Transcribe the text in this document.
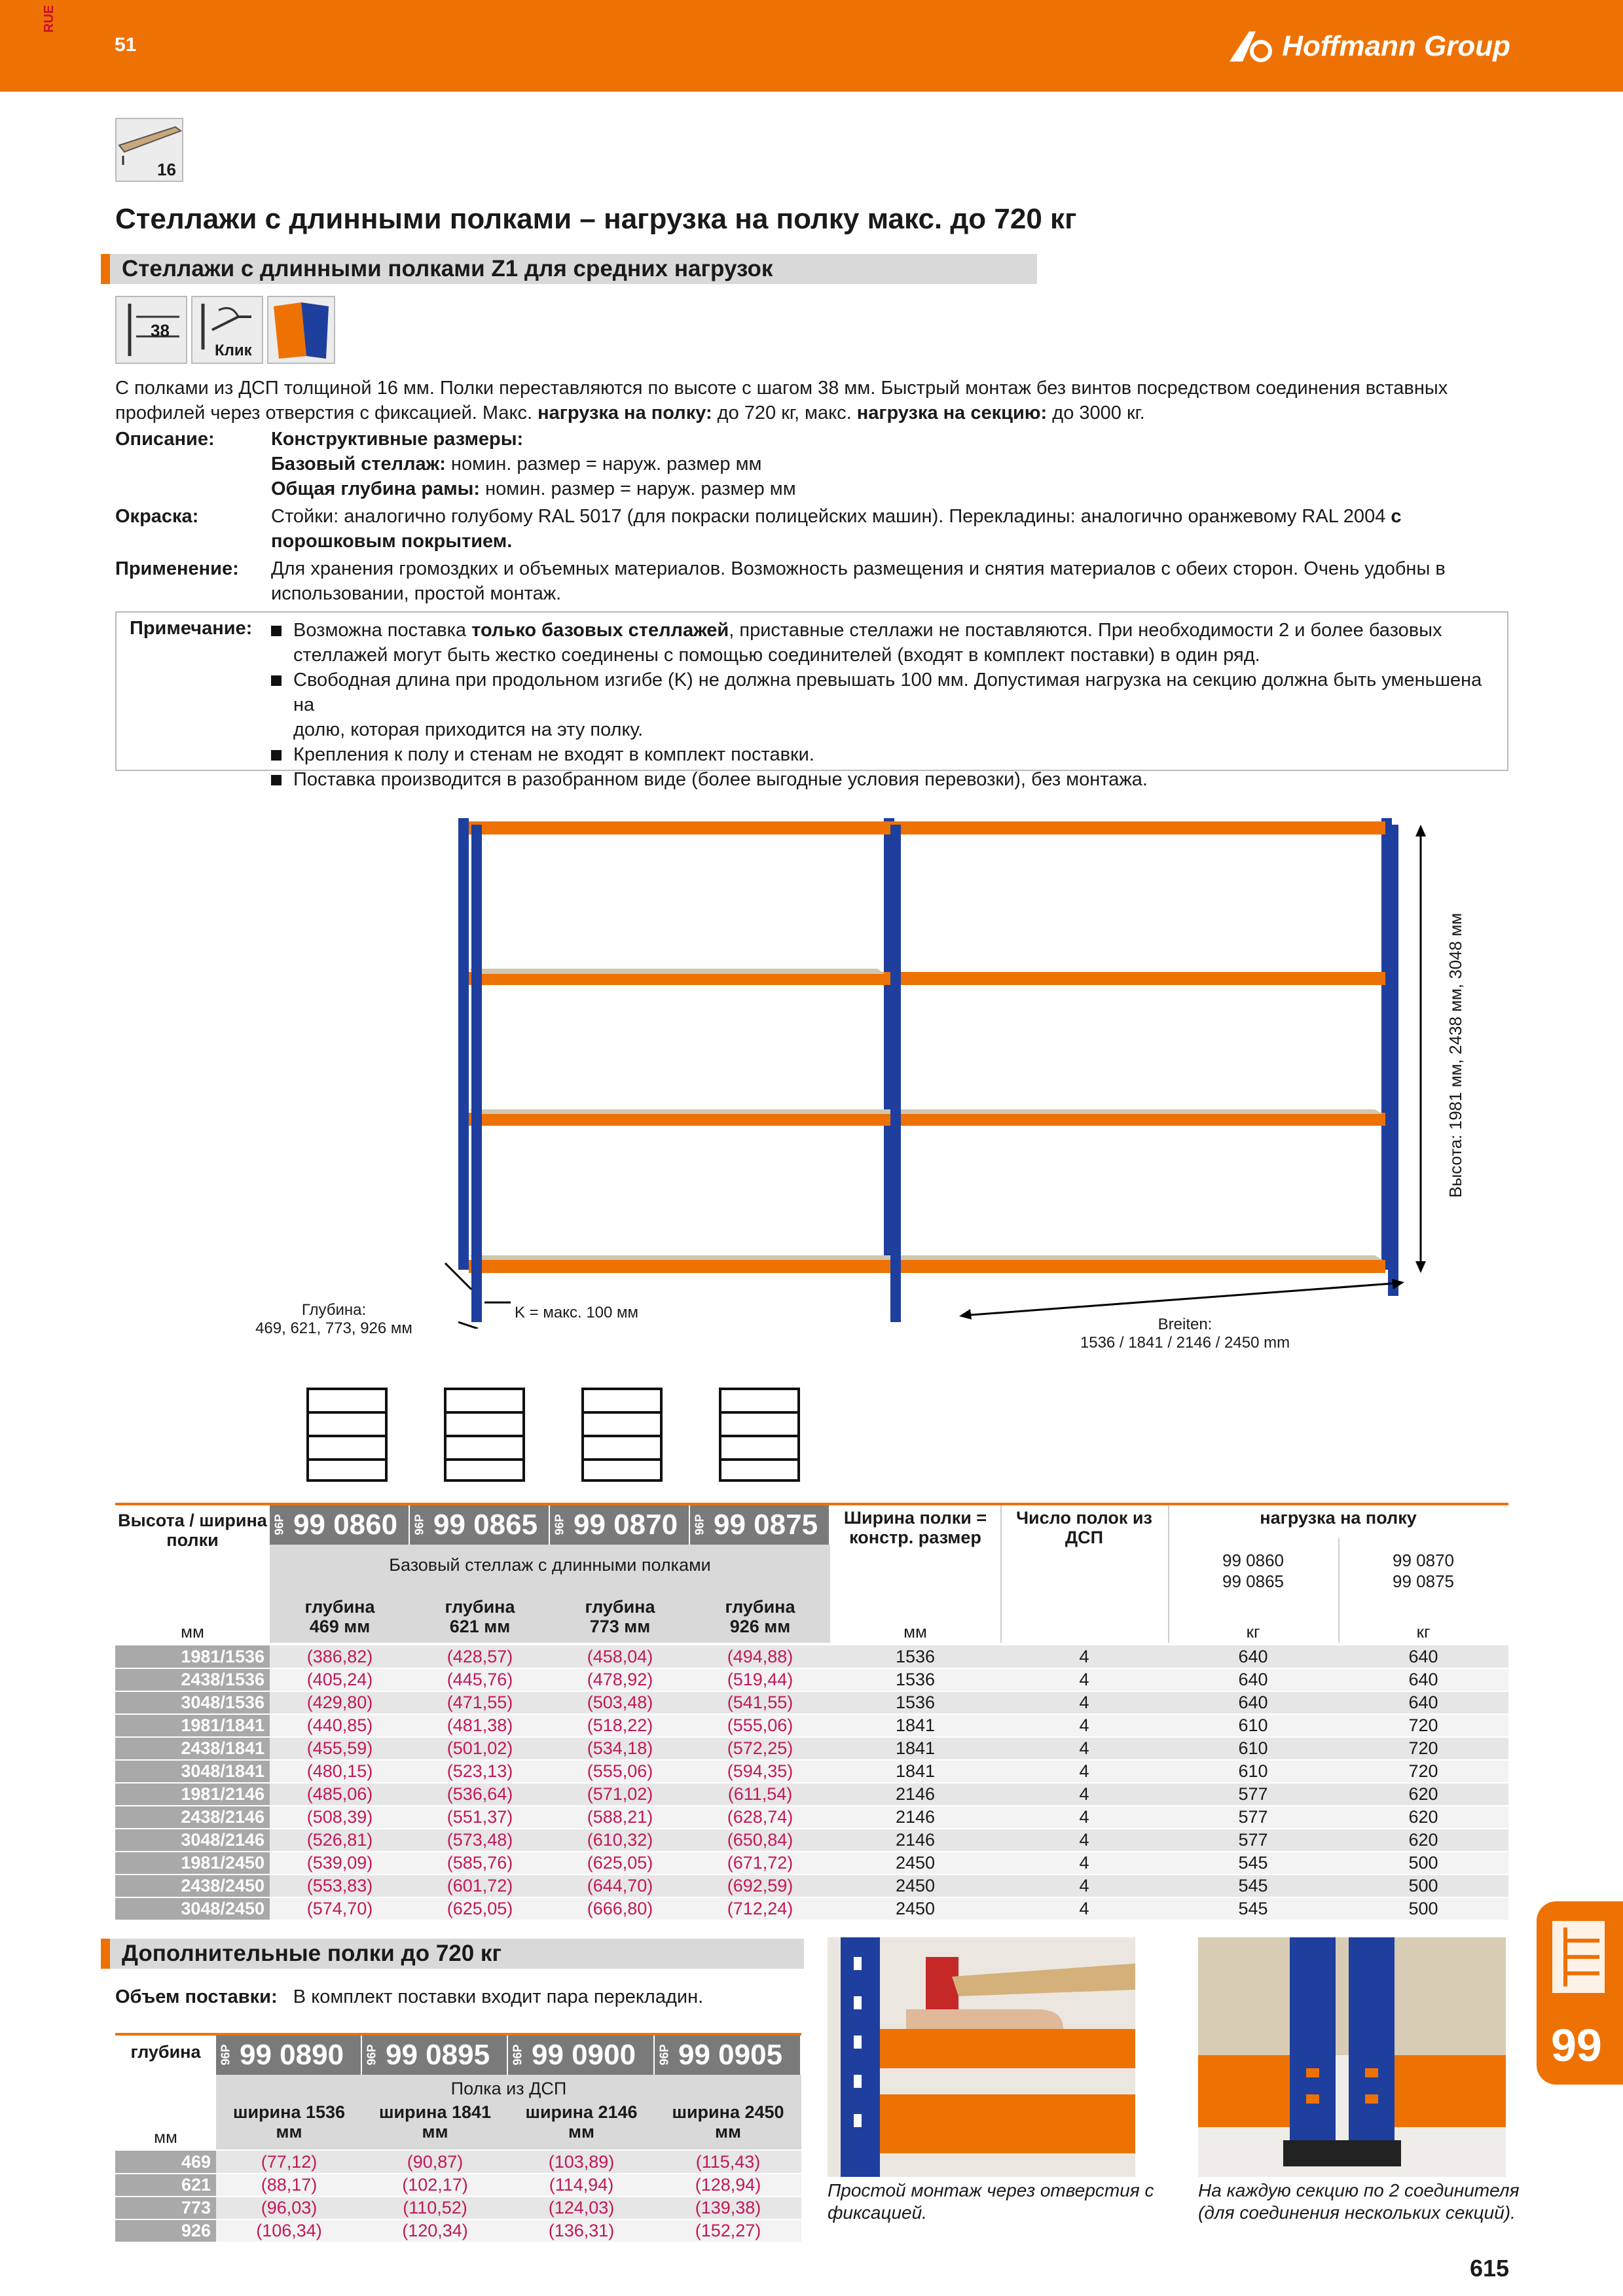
RUE
51	Hoffmann Group
16
Стеллажи с длинными полками – нагрузка на полку макс. до 720 кг
Стеллажи с длинными полками Z1 для средних нагрузок
38
Клик
С полками из ДСП толщиной 16 мм. Полки переставляются по высоте с шагом 38 мм. Быстрый монтаж без винтов посредством соединения вставных
профилей через отверстия с фиксацией. Макс. нагрузка на полку: до 720 кг, макс. нагрузка на секцию: до 3000 кг.
Описание:	Конструктивные размеры:
Базовый стеллаж: номин. размер = наруж. размер мм
Общая глубина рамы: номин. размер = наруж. размер мм
Окраска:	Стойки: аналогично голубому RAL 5017 (для покраски полицейских машин). Перекладины: аналогично оранжевому RAL 2004 с
порошковым покрытием.
Применение: Для хранения громоздких и объемных материалов. Возможность размещения и снятия материалов с обеих сторон. Очень удобны в
использовании, простой монтаж.
Примечание:	Возможна поставка только базовых стеллажей, приставные стеллажи не поставляются. При необходимости 2 и более базовых
стеллажей могут быть жестко соединены с помощью соединителей (входят в комплект поставки) в один ряд.
Свободная длина при продольном изгибе (K) не должна превышать 100 мм. Допустимая нагрузка на секцию должна быть уменьшена на
долю, которая приходится на эту полку.
Крепления к полу и стенам не входят в комплект поставки.
Поставка производится в разобранном виде (более выгодные условия перевозки), без монтажа.
Высота: 1981 мм, 2438 мм, 3048 мм
Глубина:
469, 621, 773, 926 мм
K = макс. 100 мм
Breiten:
1536 / 1841 / 2146 / 2450 mm
Высота / ширина полки
96P 99 0860 96P 99 0865 96P 99 0870 96P 99 0875
Базовый стеллаж с длинными полками
глубина
469 мм
глубина
621 мм
глубина
773 мм
глубина
926 мм
мм
Ширина полки = констр. размер
мм
Число полок из ДСП
нагрузка на полку
99 0860
99 0865
99 0870
99 0875
кг	кг
1981/1536	(386,82)	(428,57)	(458,04)	(494,88)	1536	4	640	640
2438/1536	(405,24)	(445,76)	(478,92)	(519,44)	1536	4	640	640
3048/1536	(429,80)	(471,55)	(503,48)	(541,55)	1536	4	640	640
1981/1841	(440,85)	(481,38)	(518,22)	(555,06)	1841	4	610	720
2438/1841	(455,59)	(501,02)	(534,18)	(572,25)	1841	4	610	720
3048/1841	(480,15)	(523,13)	(555,06)	(594,35)	1841	4	610	720
1981/2146	(485,06)	(536,64)	(571,02)	(611,54)	2146	4	577	620
2438/2146	(508,39)	(551,37)	(588,21)	(628,74)	2146	4	577	620
3048/2146	(526,81)	(573,48)	(610,32)	(650,84)	2146	4	577	620
1981/2450	(539,09)	(585,76)	(625,05)	(671,72)	2450	4	545	500
2438/2450	(553,83)	(601,72)	(644,70)	(692,59)	2450	4	545	500
3048/2450	(574,70)	(625,05)	(666,80)	(712,24)	2450	4	545	500
99
Дополнительные полки до 720 кг
Объем поставки: В комплект поставки входит пара перекладин.
глубина	96P 99 0890 96P 99 0895 96P 99 0900 96P 99 0905
Полка из ДСП
ширина 1536
мм
ширина 1841
мм
ширина 2146
мм
ширина 2450
мм
мм
469	(77,12)	(90,87)	(103,89)	(115,43)
621	(88,17)	(102,17)	(114,94)	(128,94)
773	(96,03)	(110,52)	(124,03)	(139,38)
926	(106,34)	(120,34)	(136,31)	(152,27)
Простой монтаж через отверстия с
фиксацией.
На каждую секцию по 2 соединителя
(для соединения нескольких секций).
615
